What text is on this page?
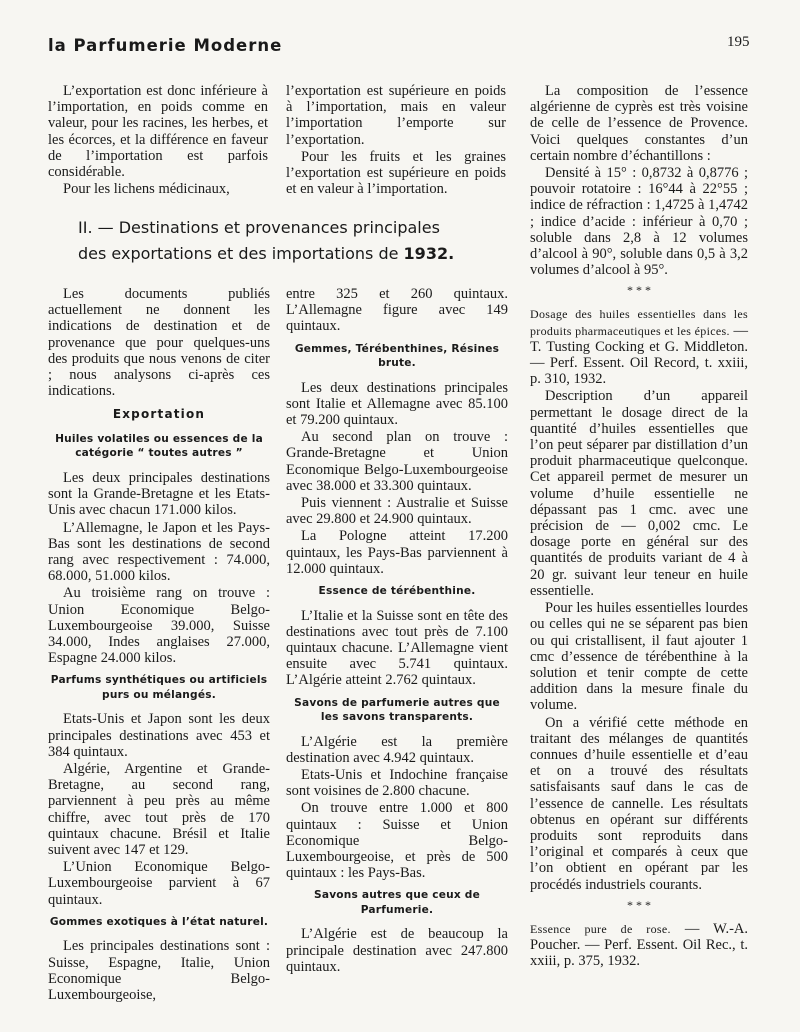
la Parfumerie Moderne	195

L’exportation est donc inférieure à l’importation, en poids comme en valeur, pour les racines, les herbes, et les écorces, et la différence en faveur de l’importation est parfois considérable.

Pour les lichens médicinaux,

l’exportation est supérieure en poids à l’importation, mais en valeur l’importation l’emporte sur l’exportation.

Pour les fruits et les graines l’exportation est supérieure en poids et en valeur à l’importation.

II. — Destinations et provenances principales
des exportations et des importations de 1932.

Les documents publiés actuellement ne donnent les indications de destination et de provenance que pour quelques-uns des produits que nous venons de citer ; nous analysons ci-après ces indications.

Exportation
Huiles volatiles ou essences de la catégorie “ toutes autres ”

Les deux principales destinations sont la Grande-Bretagne et les Etats-Unis avec chacun 171.000 kilos.

L’Allemagne, le Japon et les Pays-Bas sont les destinations de second rang avec respectivement : 74.000, 68.000, 51.000 kilos.

Au troisième rang on trouve : Union Economique Belgo-Luxembourgeoise 39.000, Suisse 34.000, Indes anglaises 27.000, Espagne 24.000 kilos.

Parfums synthétiques ou artificiels purs ou mélangés.

Etats-Unis et Japon sont les deux principales destinations avec 453 et 384 quintaux.

Algérie, Argentine et Grande-Bretagne, au second rang, parviennent à peu près au même chiffre, avec tout près de 170 quintaux chacune. Brésil et Italie suivent avec 147 et 129.

L’Union Economique Belgo-Luxembourgeoise parvient à 67 quintaux.

Gommes exotiques à l’état naturel.

Les principales destinations sont : Suisse, Espagne, Italie, Union Economique Belgo-Luxembourgeoise,

entre 325 et 260 quintaux. L’Allemagne figure avec 149 quintaux.

Gemmes, Térébenthines, Résines brute.

Les deux destinations principales sont Italie et Allemagne avec 85.100 et 79.200 quintaux.

Au second plan on trouve : Grande-Bretagne et Union Economique Belgo-Luxembourgeoise avec 38.000 et 33.300 quintaux.

Puis viennent : Australie et Suisse avec 29.800 et 24.900 quintaux.

La Pologne atteint 17.200 quintaux, les Pays-Bas parviennent à 12.000 quintaux.

Essence de térébenthine.

L’Italie et la Suisse sont en tête des destinations avec tout près de 7.100 quintaux chacune. L’Allemagne vient ensuite avec 5.741 quintaux. L’Algérie atteint 2.762 quintaux.

Savons de parfumerie autres que les savons transparents.

L’Algérie est la première destination avec 4.942 quintaux.

Etats-Unis et Indochine française sont voisines de 2.800 chacune.

On trouve entre 1.000 et 800 quintaux : Suisse et Union Economique Belgo-Luxembourgeoise, et près de 500 quintaux : les Pays-Bas.

Savons autres que ceux de Parfumerie.

L’Algérie est de beaucoup la principale destination avec 247.800 quintaux.

La composition de l’essence algérienne de cyprès est très voisine de celle de l’essence de Provence. Voici quelques constantes d’un certain nombre d’échantillons :

Densité à 15° : 0,8732 à 0,8776 ; pouvoir rotatoire : 16°44 à 22°55 ; indice de réfraction : 1,4725 à 1,4742 ; indice d’acide : inférieur à 0,70 ; soluble dans 2,8 à 12 volumes d’alcool à 90°, soluble dans 0,5 à 3,2 volumes d’alcool à 95°.

* * *

Dosage des huiles essentielles dans les produits pharmaceutiques et les épices. — T. Tusting Cocking et G. Middleton. — Perf. Essent. Oil Record, t. xxiii, p. 310, 1932.

Description d’un appareil permettant le dosage direct de la quantité d’huiles essentielles que l’on peut séparer par distillation d’un produit pharmaceutique quelconque. Cet appareil permet de mesurer un volume d’huile essentielle ne dépassant pas 1 cmc. avec une précision de — 0,002 cmc. Le dosage porte en général sur des quantités de produits variant de 4 à 20 gr. suivant leur teneur en huile essentielle.

Pour les huiles essentielles lourdes ou celles qui ne se séparent pas bien ou qui cristallisent, il faut ajouter 1 cmc d’essence de térébenthine à la solution et tenir compte de cette addition dans la mesure finale du volume.

On a vérifié cette méthode en traitant des mélanges de quantités connues d’huile essentielle et d’eau et on a trouvé des résultats satisfaisants sauf dans le cas de l’essence de cannelle. Les résultats obtenus en opérant sur différents produits sont reproduits dans l’original et comparés à ceux que l’on obtient en opérant par les procédés industriels courants.

* * *

Essence pure de rose. — W.-A. Poucher. — Perf. Essent. Oil Rec., t. xxiii, p. 375, 1932.
